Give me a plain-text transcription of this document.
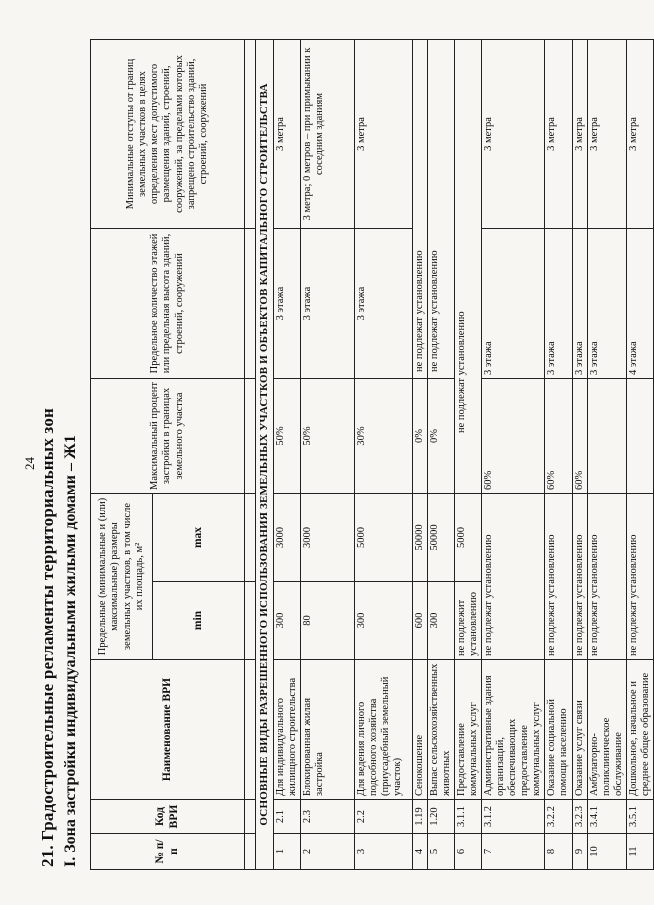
24 21. Градостроительные регламенты территориальных зон I. Зона застройки индивидуальными жилыми домами – Ж1	№ п/п	Код ВРИ	Наименование ВРИ	Предельные (минимальные и (или) максимальные) размеры земельных участков, в том числе их площадь, м²		Максимальный процент застройки в границах земельного участка	Предельное количество этажей или предельная высота зданий, строений, сооружений	Минимальные отступы от границ земельных участков в целях определения мест допустимого размещения зданий, строений, сооружений, за пределами которых запрещено строительство зданий, строений, сооружений
			min	max			

ОСНОВНЫЕ ВИДЫ РАЗРЕШЕННОГО ИСПОЛЬЗОВАНИЯ ЗЕМЕЛЬНЫХ УЧАСТКОВ И ОБЪЕКТОВ КАПИТАЛЬНОГО СТРОИТЕЛЬСТВА							
1	2.1	Для индивидуального жилищного строительства	300	3000	50%	3 этажа	3 метра
2	2.3	Блокированная жилая застройка	80	3000	50%	3 этажа	3 метра; 0 метров – при примыкании к соседним зданиям
3	2.2	Для ведения личного подсобного хозяйства (приусадебный земельный участок)	300	5000	30%	3 этажа	3 метра
4	1.19	Сенокошение	600	50000	0%	не подлежат установлению	
5	1.20	Выпас сельскохозяйственных животных	300	50000	0%	не подлежат установлению	
6	3.1.1	Предоставление коммунальных услуг	не подлежит установлению	5000	не подлежат установлению		
7	3.1.2	Административные здания организаций, обеспечивающих предоставление коммунальных услуг	не подлежат установлению		60%	3 этажа	3 метра
8	3.2.2	Оказание социальной помощи населению	не подлежат установлению		60%	3 этажа	3 метра
9	3.2.3	Оказание услуг связи	не подлежат установлению		60%	3 этажа	3 метра
10	3.4.1	Амбулаторно-поликлиническое обслуживание	не подлежат установлению			3 этажа	3 метра
11	3.5.1	Дошкольное, начальное и среднее общее образование	не подлежат установлению			4 этажа	3 метра
